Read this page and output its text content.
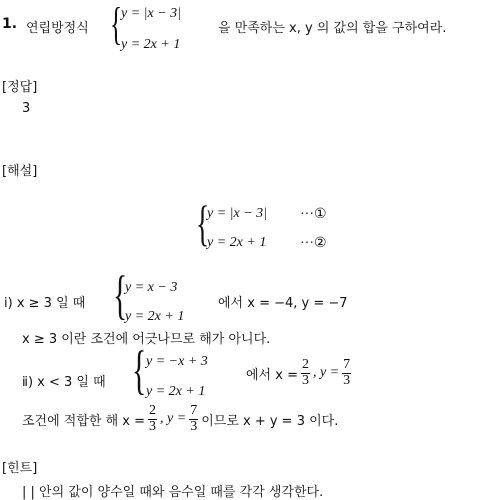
1. 연립방정식 {
y = |x − 3|
y = 2x + 1
을 만족하는 x, y 의 값의 합을 구하여라.
[정답]
3
[해설]
{
y = |x − 3| ···①
y = 2x + 1 ···②
ⅰ) x ≥ 3 일 때 {
y = x − 3
y = 2x + 1
에서 x = −4, y = −7
x ≥ 3 이란 조건에 어긋나므로 해가 아니다.
ⅱ) x < 3 일 때 { y = −x + 3
y = 2x + 1
에서 $x = \frac{2}{3}$ , $y = \frac{7}{3}$
조건에 적합한 해 $x = \frac{2}{3}$ , $y = \frac{7}{3}$ 이므로 x + y = 3 이다.
[힌트]
| | 안의 값이 양수일 때와 음수일 때를 각각 생각한다.
